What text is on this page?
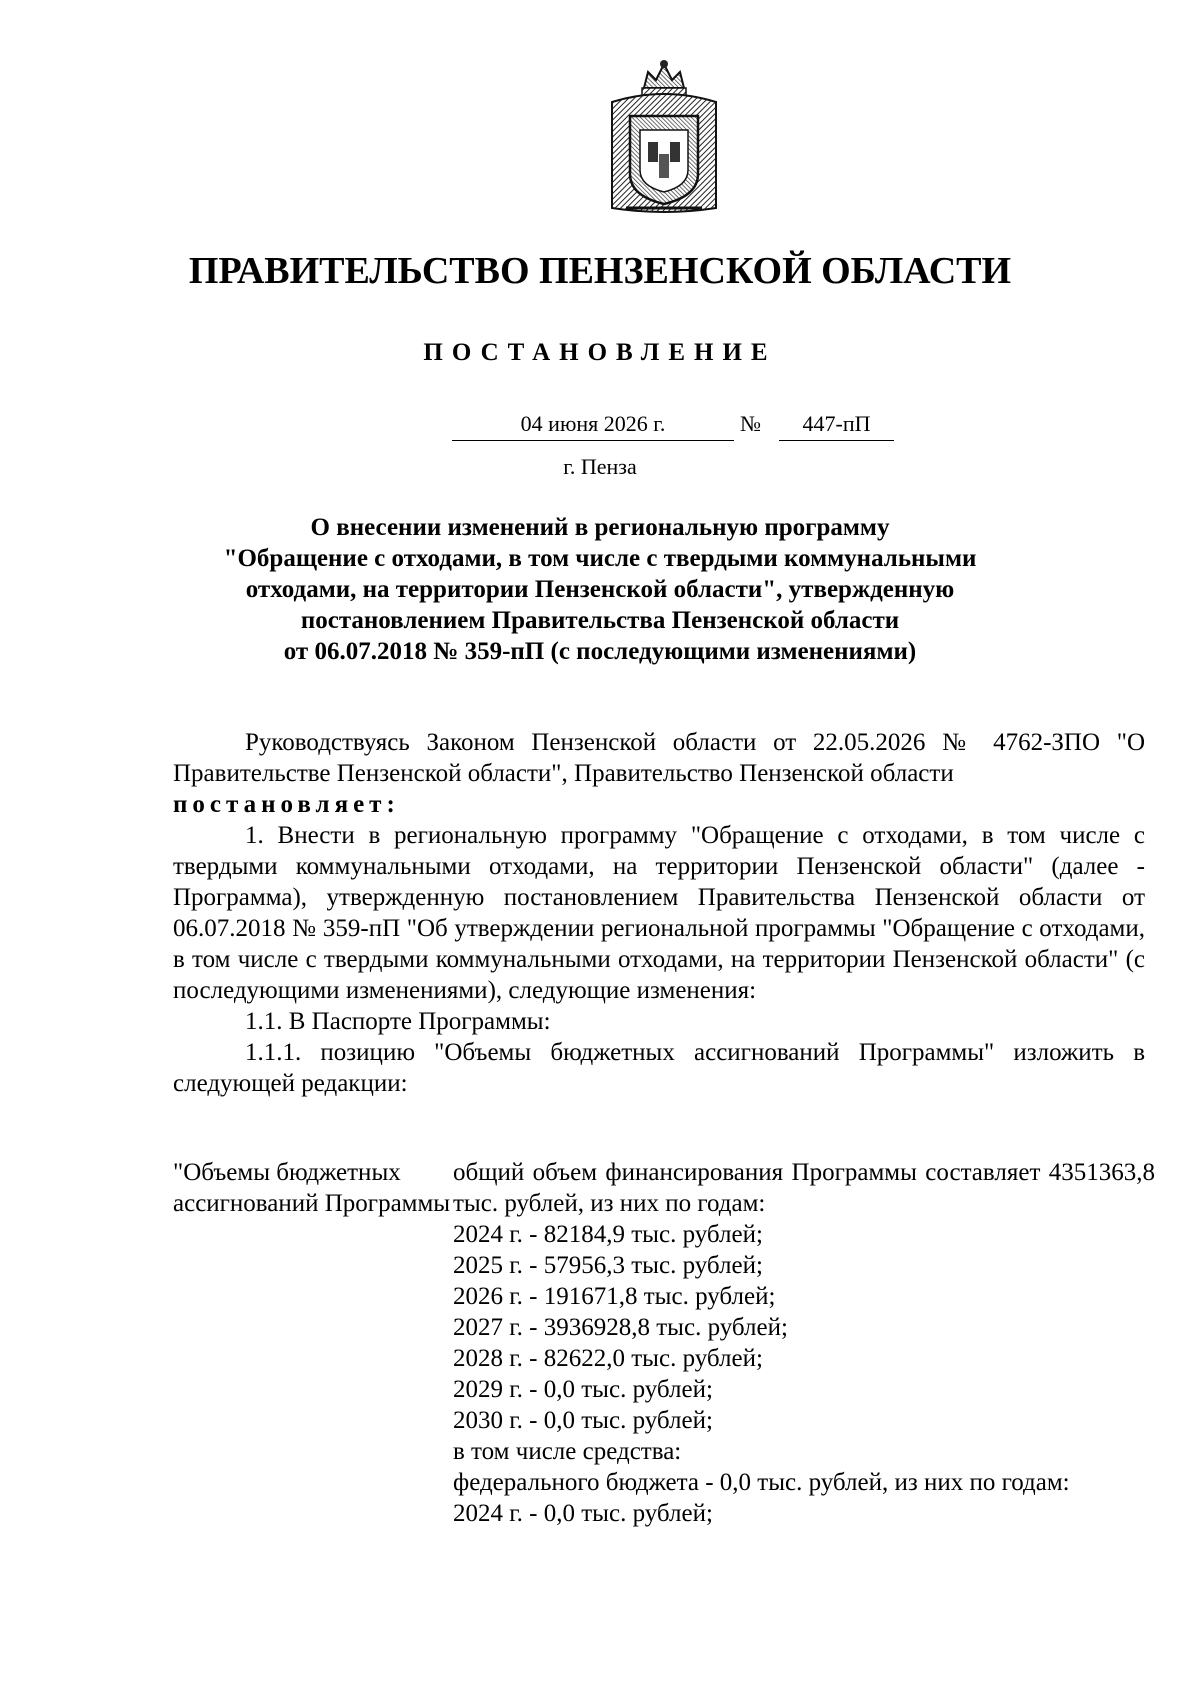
ПРАВИТЕЛЬСТВО ПЕНЗЕНСКОЙ ОБЛАСТИ
ПОСТАНОВЛЕНИЕ
04 июня 2026 г.	№	447-пП
г. Пенза
О внесении изменений в региональную программу
"Обращение с отходами, в том числе с твердыми коммунальными
отходами, на территории Пензенской области", утвержденную
постановлением Правительства Пензенской области
от 06.07.2018 № 359-пП (с последующими изменениями)

Руководствуясь Законом Пензенской области от 22.05.2026 № 4762-ЗПО "О Правительстве Пензенской области", Правительство Пензенской области

постановляет:

1. Внести в региональную программу "Обращение с отходами, в том числе с твердыми коммунальными отходами, на территории Пензенской области" (далее - Программа), утвержденную постановлением Правительства Пензенской области от 06.07.2018 № 359-пП "Об утверждении региональной программы "Обращение с отходами, в том числе с твердыми коммунальными отходами, на территории Пензенской области" (с последующими изменениями), следующие изменения:

1.1. В Паспорте Программы:

1.1.1. позицию "Объемы бюджетных ассигнований Программы" изложить в следующей редакции:

"Объемы бюджетных ассигнований Программы
общий объем финансирования Программы составляет 4351363,8 тыс. рублей, из них по годам:
2024 г. - 82184,9 тыс. рублей;
2025 г. - 57956,3 тыс. рублей;
2026 г. - 191671,8 тыс. рублей;
2027 г. - 3936928,8 тыс. рублей;
2028 г. - 82622,0 тыс. рублей;
2029 г. - 0,0 тыс. рублей;
2030 г. - 0,0 тыс. рублей;
в том числе средства:
федерального бюджета - 0,0 тыс. рублей, из них по годам:
2024 г. - 0,0 тыс. рублей;
